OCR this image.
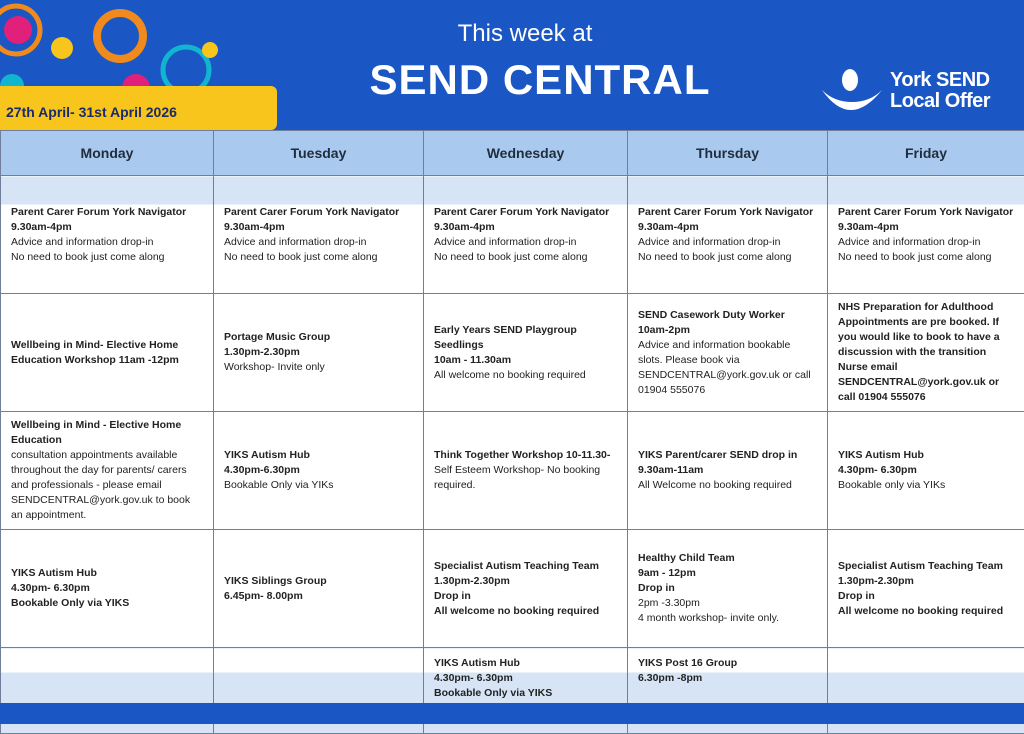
27th April- 31st April 2026
This week at
SEND CENTRAL	York SEND
Local Offer
Monday	Tuesday	Wednesday	Thursday	Friday

Parent Carer Forum York Navigator
9.30am-4pm
Advice and information drop-in
No need to book just come along	Parent Carer Forum York Navigator
9.30am-4pm
Advice and information drop-in
No need to book just come along	Parent Carer Forum York Navigator
9.30am-4pm
Advice and information drop-in
No need to book just come along	Parent Carer Forum York Navigator
9.30am-4pm
Advice and information drop-in
No need to book just come along	Parent Carer Forum York Navigator
9.30am-4pm
Advice and information drop-in
No need to book just come along

Wellbeing in Mind- Elective Home Education Workshop 11am -12pm	Portage Music Group
1.30pm-2.30pm
Workshop- Invite only	Early Years SEND Playgroup Seedlings
10am - 11.30am
All welcome no booking required	SEND Casework Duty Worker
10am-2pm
Advice and information bookable slots. Please book via SENDCENTRAL@york.gov.uk or call 01904 555076	NHS Preparation for Adulthood
Appointments are pre booked. If you would like to book to have a discussion with the transition Nurse email SENDCENTRAL@york.gov.uk or call 01904 555076

Wellbeing in Mind - Elective Home Education
consultation appointments available throughout the day for parents/ carers and professionals - please email SENDCENTRAL@york.gov.uk to book an appointment.	YIKS Autism Hub
4.30pm-6.30pm
Bookable Only via YIKs	Think Together Workshop 10-11.30-
Self Esteem Workshop- No booking required.	YIKS Parent/carer SEND drop in
9.30am-11am
All Welcome no booking required	YIKS Autism Hub
4.30pm- 6.30pm
Bookable only via YIKs

YIKS Autism Hub
4.30pm- 6.30pm
Bookable Only via YIKS	YIKS Siblings Group
6.45pm- 8.00pm	Specialist Autism Teaching Team
1.30pm-2.30pm
Drop in
All welcome no booking required	Healthy Child Team
9am - 12pm
Drop in
2pm -3.30pm
4 month workshop- invite only.	Specialist Autism Teaching Team
1.30pm-2.30pm
Drop in
All welcome no booking required

		YIKS Autism Hub
4.30pm- 6.30pm
Bookable Only via YIKS	YIKS Post 16 Group
6.30pm -8pm	
